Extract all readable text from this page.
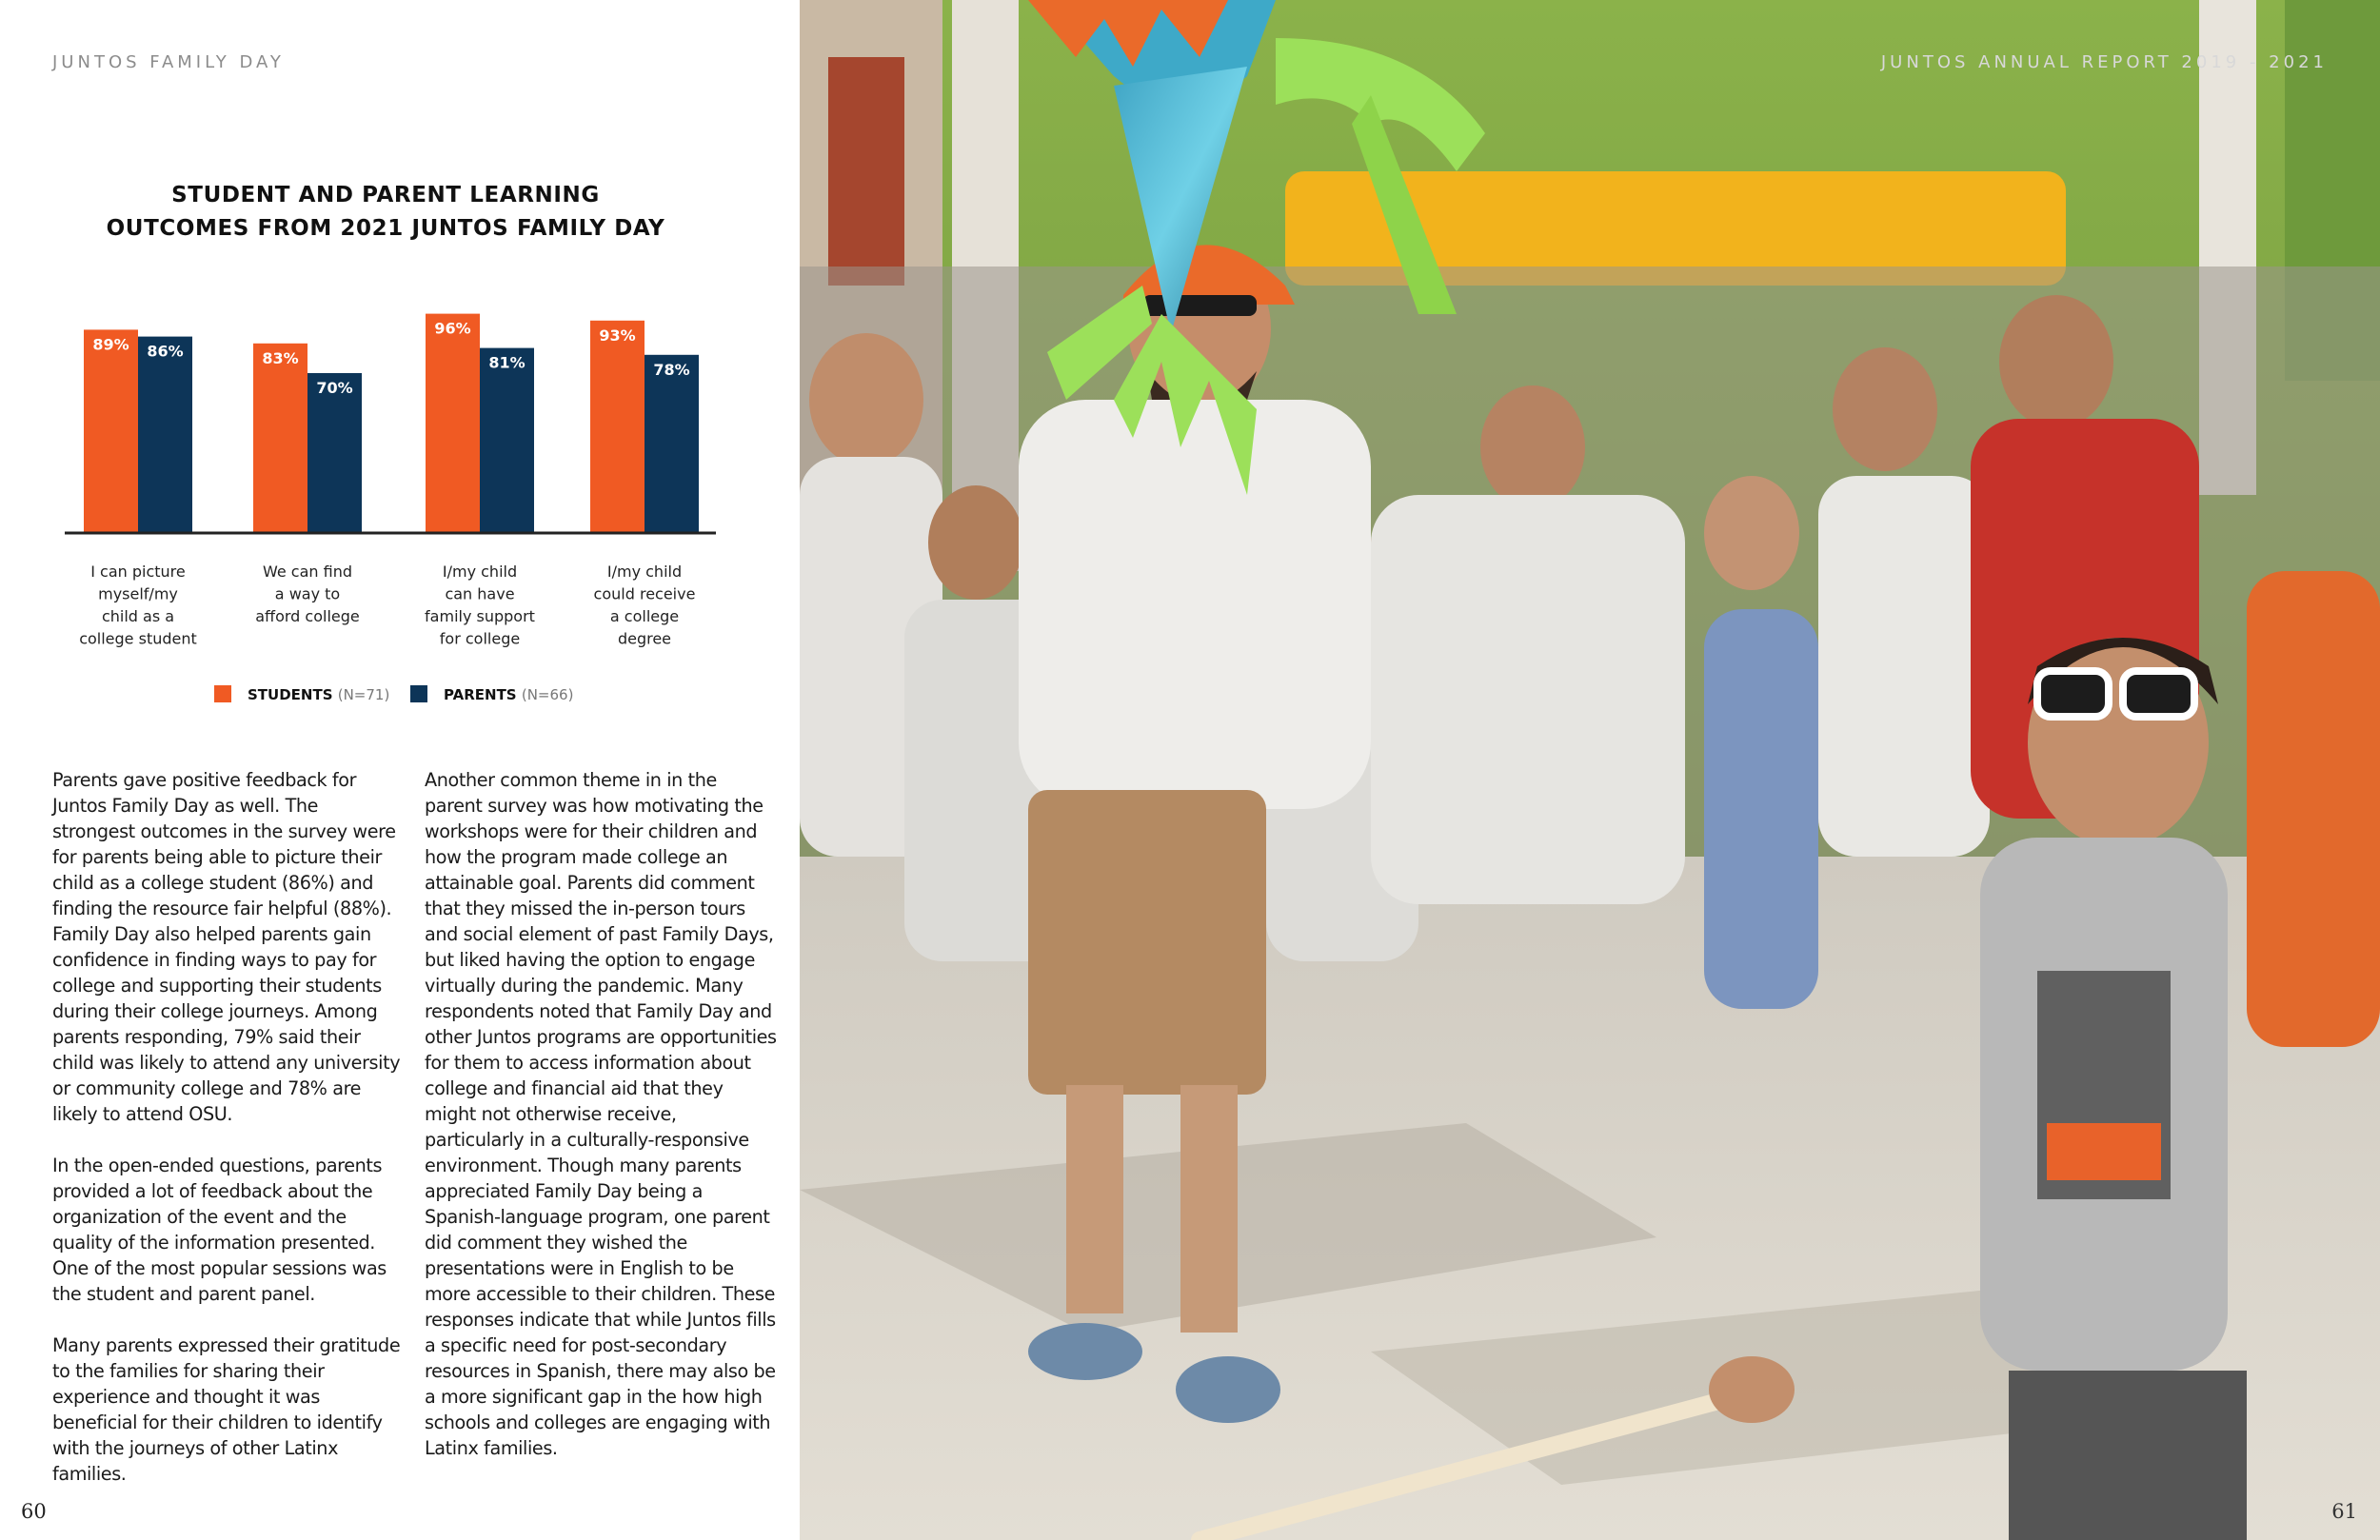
JUNTOS FAMILY DAY
STUDENT AND PARENT LEARNING
OUTCOMES FROM 2021 JUNTOS FAMILY DAY
89% 86%
I can picture myself/my child as a college student
83%
70%
We can find a way to afford college
96%
81%
I/my child can have family support for college
93%
78%
I/my child could receive a college degree
STUDENTS (N=71)	PARENTS (N=66)

Parents gave positive feedback for Juntos Family Day as well. The strongest outcomes in the survey were for parents being able to picture their child as a college student (86%) and finding the resource fair helpful (88%). Family Day also helped parents gain confidence in finding ways to pay for college and supporting their students during their college journeys. Among parents responding, 79% said their child was likely to attend any university or community college and 78% are likely to attend OSU.

In the open-ended questions, parents provided a lot of feedback about the organization of the event and the quality of the information presented. One of the most popular sessions was the student and parent panel.

Many parents expressed their gratitude to the families for sharing their experience and thought it was beneficial for their children to identify with the journeys of other Latinx families.

Another common theme in in the parent survey was how motivating the workshops were for their children and how the program made college an attainable goal. Parents did comment that they missed the in-person tours and social element of past Family Days, but liked having the option to engage virtually during the pandemic. Many respondents noted that Family Day and other Juntos programs are opportunities for them to access information about college and financial aid that they might not otherwise receive, particularly in a culturally-responsive environment. Though many parents appreciated Family Day being a Spanish-language program, one parent did comment they wished the presentations were in English to be more accessible to their children. These responses indicate that while Juntos fills a specific need for post-secondary resources in Spanish, there may also be a more significant gap in the how high schools and colleges are engaging with Latinx families.

60
JUNTOS ANNUAL REPORT 2019 - 2021
61
